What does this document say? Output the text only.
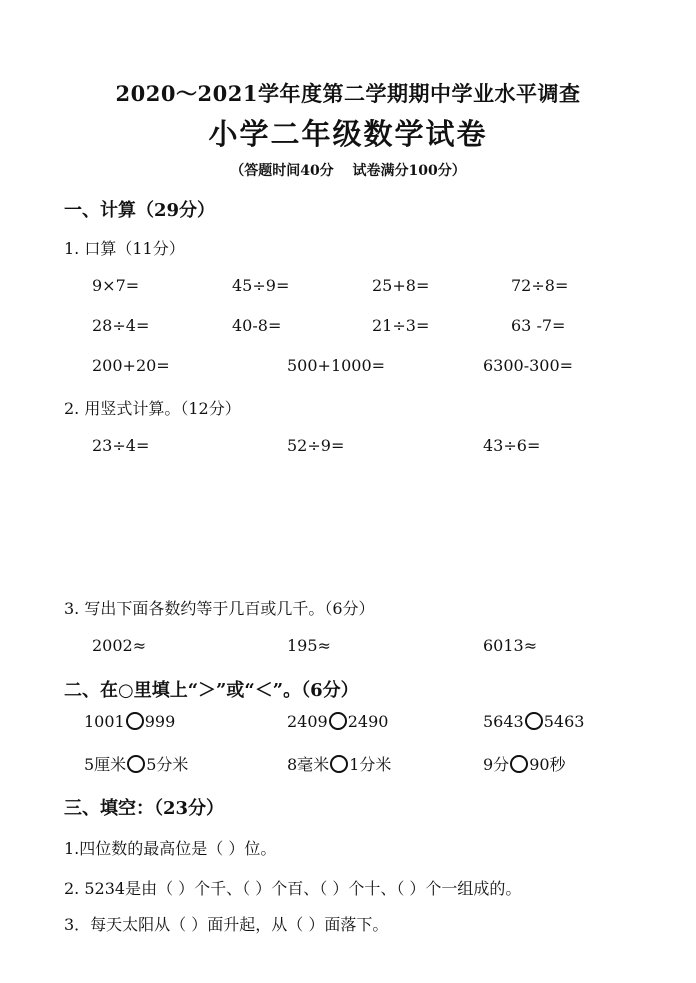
2020～2021学年度第二学期期中学业水平调查
小学二年级数学试卷
（答题时间40分　 试卷满分100分）
一、计算（29分）
1. 口算（11分）
9×7=	45÷9=	25+8=	72÷8=
28÷4=	40-8=	21÷3=	63 -7=
200+20=	500+1000=	6300-300=
2. 用竖式计算。（12分）
23÷4=	52÷9=	43÷6=
3. 写出下面各数约等于几百或几千。（6分）
2002≈	195≈	6013≈
二、在○里填上“＞”或“＜”。（6分）
1001 999	2409 2490	5643 5463
5厘米 5分米	8毫米 1分米	9分 90秒
三、填空：（23分）
1.四位数的最高位是（ ）位。
2. 5234是由（ ）个千、（ ）个百、（ ）个十、（ ）个一组成的。
3．每天太阳从（ ）面升起，从（ ）面落下。
